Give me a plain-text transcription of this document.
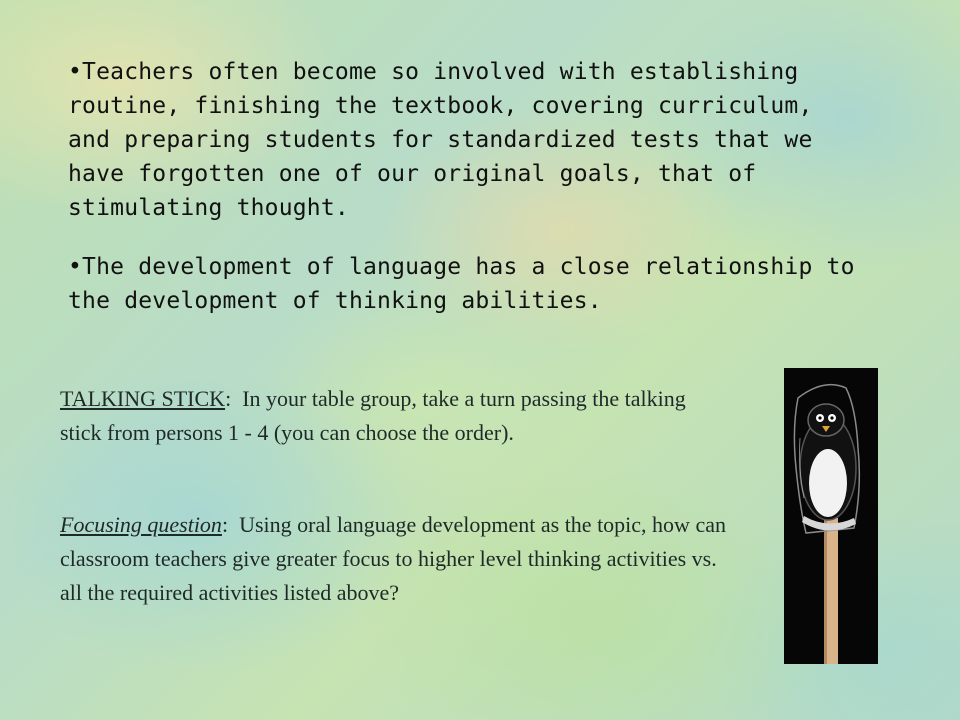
•Teachers often become so involved with establishing routine, finishing the textbook, covering curriculum, and preparing students for standardized tests that we have forgotten one of our original goals, that of stimulating thought.
•The development of language has a close relationship to the development of thinking abilities.
TALKING STICK:  In your table group, take a turn passing the talking stick from persons 1 - 4 (you can choose the order).
Focusing question:  Using oral language development as the topic, how can classroom teachers give greater focus to higher level thinking activities vs. all the required activities listed above?
